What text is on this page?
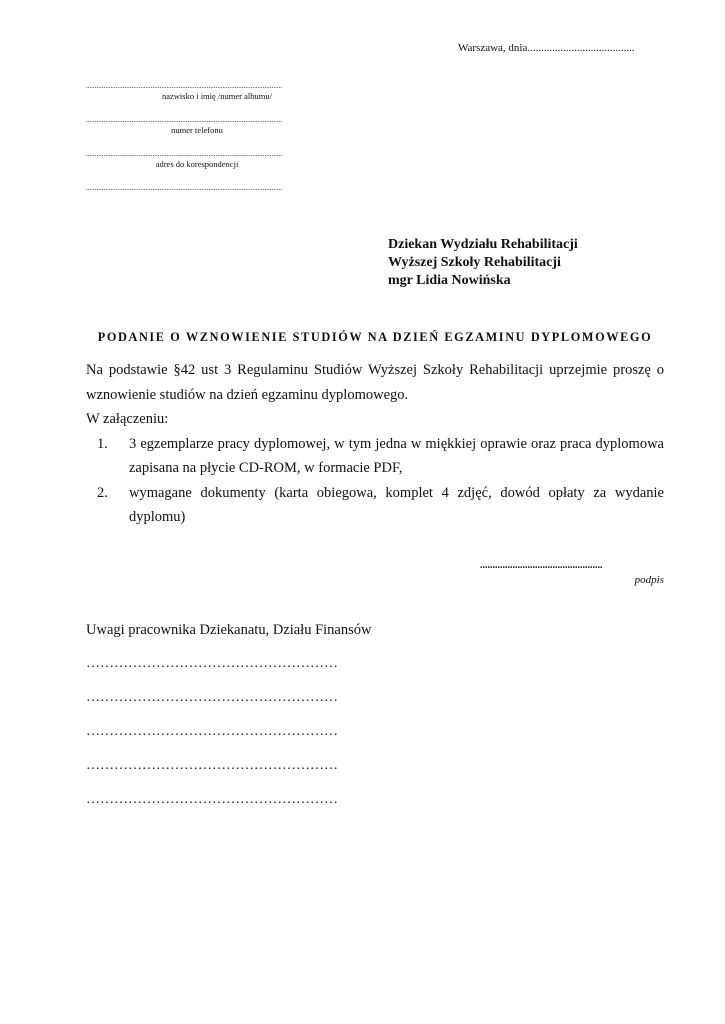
Warszawa, dnia.......................................
................................................................................................................
nazwisko i imię /numer albumu/
................................................................................................................
numer telefonu
................................................................................................................
adres do korespondencji
................................................................................................................
Dziekan Wydziału Rehabilitacji
Wyższej Szkoły Rehabilitacji
mgr Lidia Nowińska
PODANIE O WZNOWIENIE STUDIÓW NA DZIEŃ EGZAMINU DYPLOMOWEGO

Na podstawie §42 ust 3 Regulaminu Studiów Wyższej Szkoły Rehabilitacji uprzejmie proszę o wznowienie studiów na dzień egzaminu dyplomowego.

W załączeniu:

1. 3 egzemplarze pracy dyplomowej, w tym jedna w miękkiej oprawie oraz praca dyplomowa zapisana na płycie CD-ROM, w formacie PDF,
2. wymagane dokumenty (karta obiegowa, komplet 4 zdjęć, dowód opłaty za wydanie dyplomu)
.................................................
podpis
Uwagi pracownika Dziekanatu, Działu Finansów
………………………………………………
………………………………………………
………………………………………………
………………………………………………
………………………………………………
